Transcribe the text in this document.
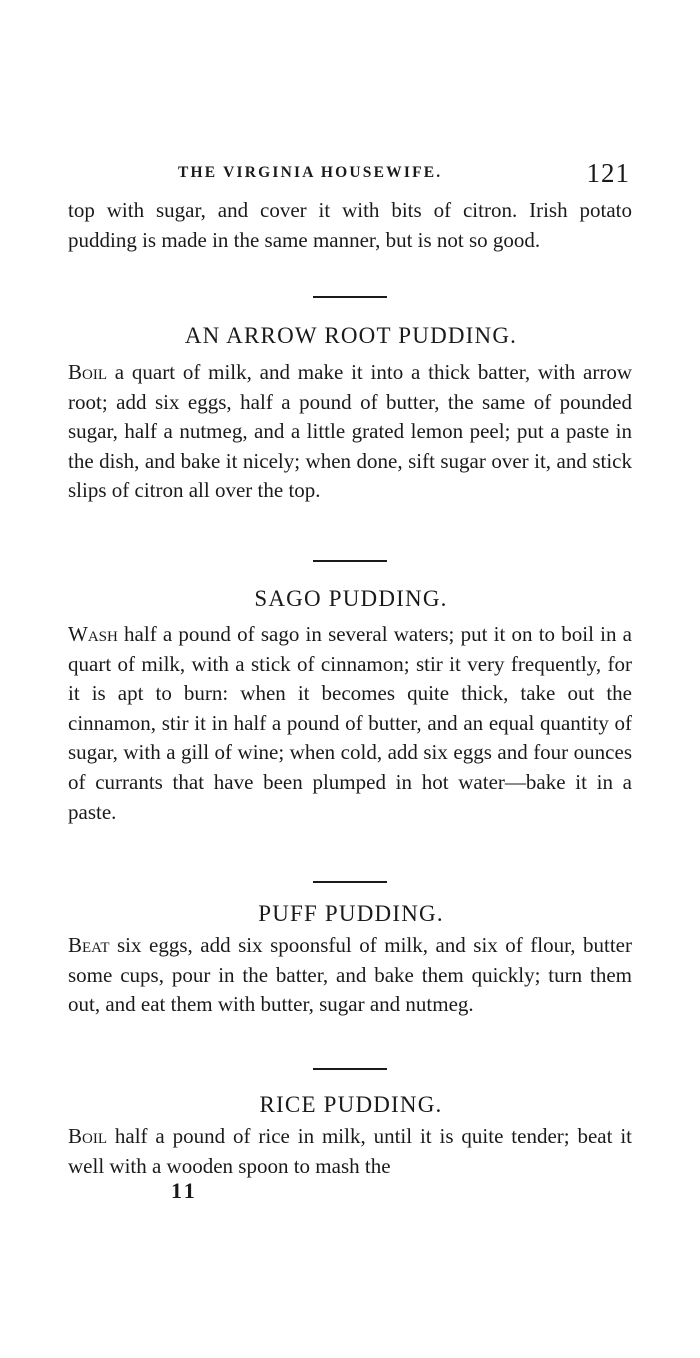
THE VIRGINIA HOUSEWIFE.	121
top with sugar, and cover it with bits of citron. Irish potato pudding is made in the same manner, but is not so good.
AN ARROW ROOT PUDDING.
Boil a quart of milk, and make it into a thick batter, with arrow root; add six eggs, half a pound of butter, the same of pounded sugar, half a nutmeg, and a little grated lemon peel; put a paste in the dish, and bake it nicely; when done, sift sugar over it, and stick slips of citron all over the top.
SAGO PUDDING.
Wash half a pound of sago in several waters; put it on to boil in a quart of milk, with a stick of cinnamon; stir it very frequently, for it is apt to burn: when it becomes quite thick, take out the cinnamon, stir it in half a pound of butter, and an equal quantity of sugar, with a gill of wine; when cold, add six eggs and four ounces of currants that have been plumped in hot water—bake it in a paste.
PUFF PUDDING.
Beat six eggs, add six spoonsful of milk, and six of flour, butter some cups, pour in the batter, and bake them quickly; turn them out, and eat them with butter, sugar and nutmeg.
RICE PUDDING.
Boil half a pound of rice in milk, until it is quite tender; beat it well with a wooden spoon to mash the
11
